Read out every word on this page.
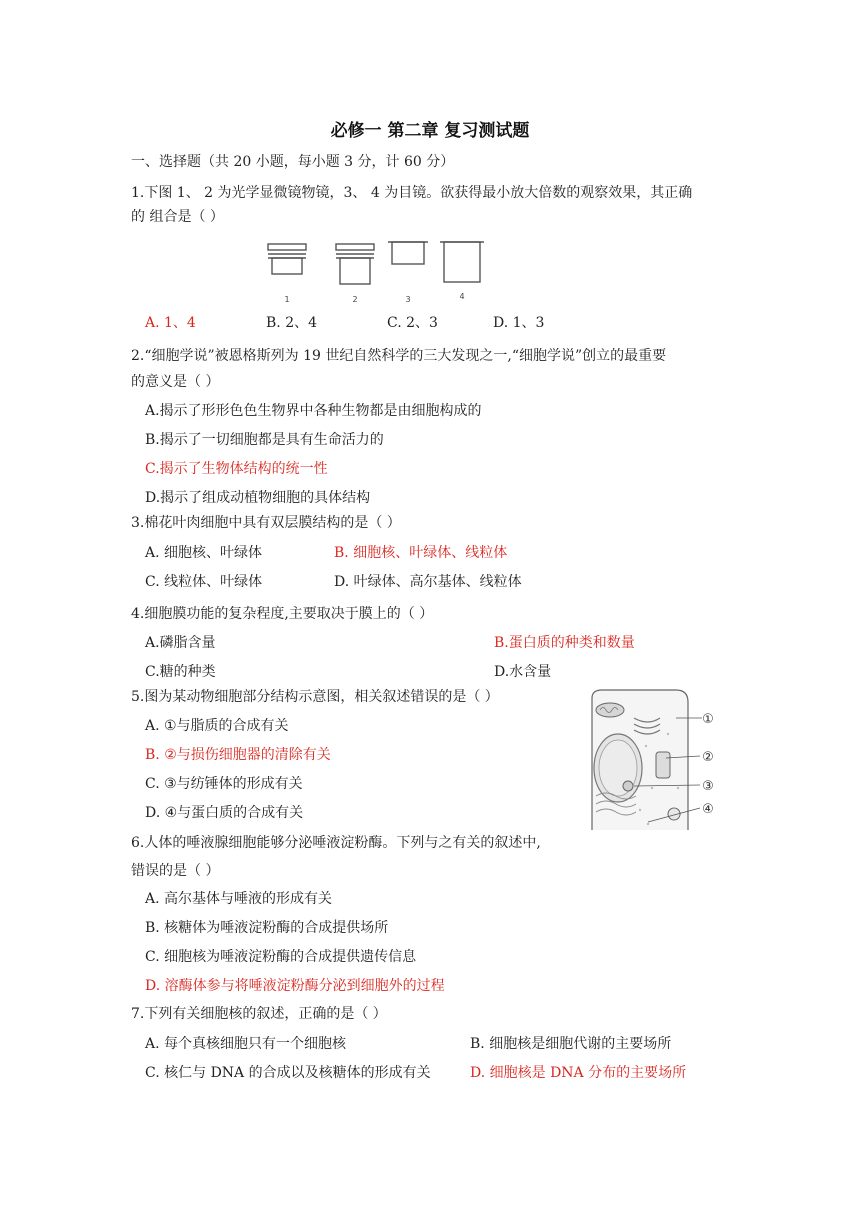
必修一 第二章 复习测试题
一、选择题（共 20 小题，每小题 3 分，计 60 分）
1.下图 1、 2 为光学显微镜物镜，3、 4 为目镜。欲获得最小放大倍数的观察效果，其正确
的 组合是（ ）
1	2	3	4
A. 1、4	B. 2、4	C. 2、3	D. 1、3
2.“细胞学说”被恩格斯列为 19 世纪自然科学的三大发现之一,“细胞学说”创立的最重要
的意义是（ ）
A.揭示了形形色色生物界中各种生物都是由细胞构成的
B.揭示了一切细胞都是具有生命活力的
C.揭示了生物体结构的统一性
D.揭示了组成动植物细胞的具体结构
3.棉花叶肉细胞中具有双层膜结构的是（ ）
A. 细胞核、叶绿体	B. 细胞核、叶绿体、线粒体
C. 线粒体、叶绿体	D. 叶绿体、高尔基体、线粒体
4.细胞膜功能的复杂程度,主要取决于膜上的（ ）
A.磷脂含量	B.蛋白质的种类和数量
C.糖的种类	D.水含量
5.图为某动物细胞部分结构示意图，相关叙述错误的是（ ）
A. ①与脂质的合成有关
B. ②与损伤细胞器的清除有关
C. ③与纺锤体的形成有关
D. ④与蛋白质的合成有关
①
②
③
④
6.人体的唾液腺细胞能够分泌唾液淀粉酶。下列与之有关的叙述中,
错误的是（ ）
A. 高尔基体与唾液的形成有关
B. 核糖体为唾液淀粉酶的合成提供场所
C. 细胞核为唾液淀粉酶的合成提供遗传信息
D. 溶酶体参与将唾液淀粉酶分泌到细胞外的过程
7.下列有关细胞核的叙述，正确的是（ ）
A. 每个真核细胞只有一个细胞核	B. 细胞核是细胞代谢的主要场所
C. 核仁与 DNA 的合成以及核糖体的形成有关	D. 细胞核是 DNA 分布的主要场所
